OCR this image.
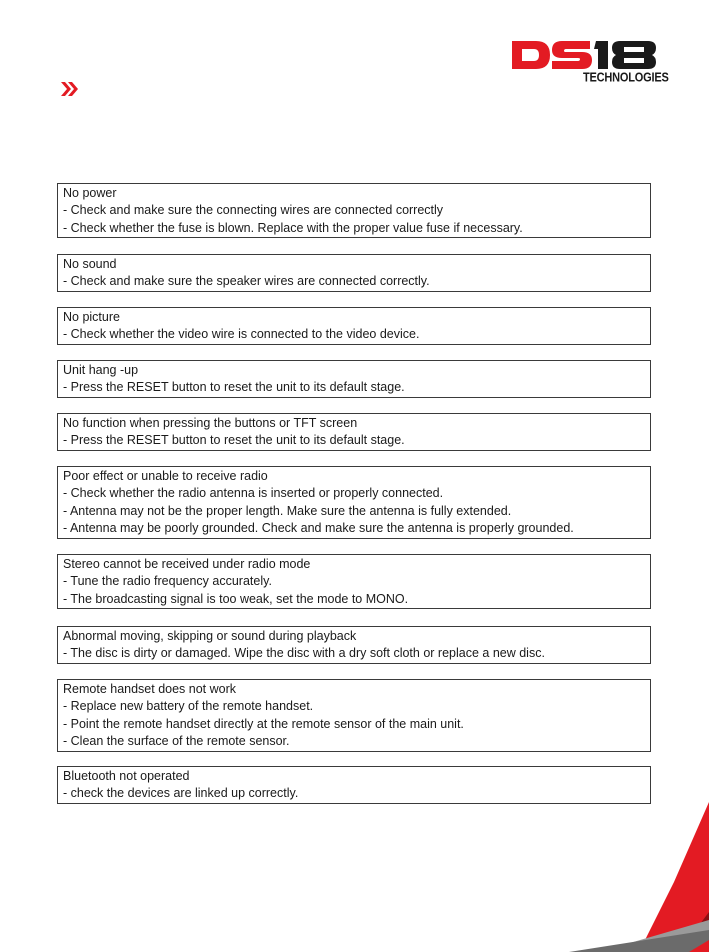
TECHNOLOGIES
No power
- Check and make sure the connecting wires are connected correctly
- Check whether the fuse is blown. Replace with the proper value fuse if necessary.
No sound
- Check and make sure the speaker wires are connected correctly.
No picture
- Check whether the video wire is connected to the video device.
Unit hang -up
- Press the RESET button to reset the unit to its default stage.
No function when pressing the buttons or TFT screen
- Press the RESET button to reset the unit to its default stage.
Poor effect or unable to receive radio
- Check whether the radio antenna is inserted or properly connected.
- Antenna may not be the proper length. Make sure the antenna is fully extended.
- Antenna may be poorly grounded. Check and make sure the antenna is properly grounded.
Stereo cannot be received under radio mode
- Tune the radio frequency accurately.
- The broadcasting signal is too weak, set the mode to MONO.
Abnormal moving, skipping or sound during playback
- The disc is dirty or damaged. Wipe the disc with a dry soft cloth or replace a new disc.
Remote handset does not work
- Replace new battery of the remote handset.
- Point the remote handset directly at the remote sensor of the main unit.
- Clean the surface of the remote sensor.
Bluetooth not operated
- check the devices are linked up correctly.
